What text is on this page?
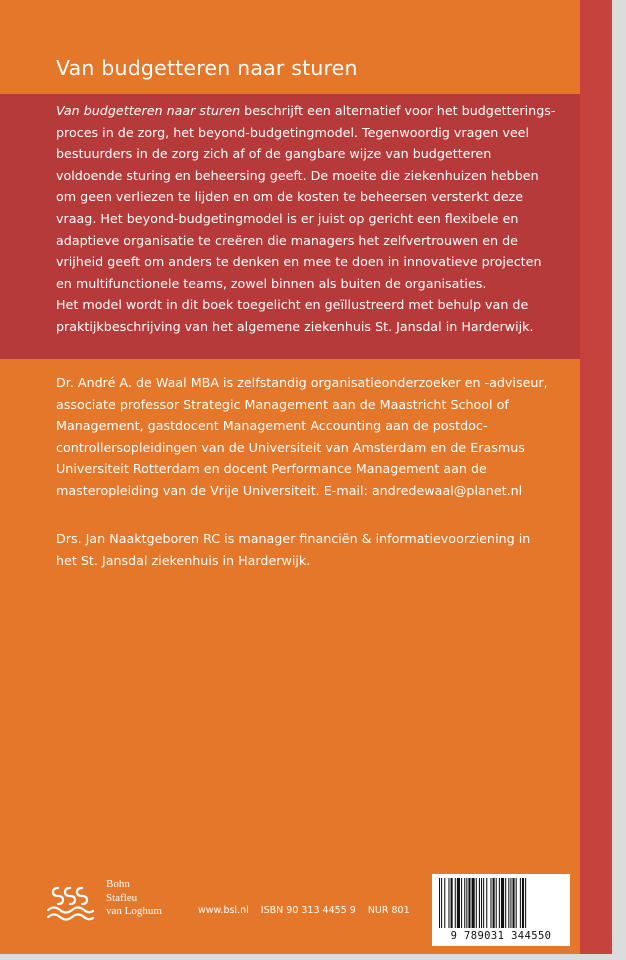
Van budgetteren naar sturen
Van budgetteren naar sturen beschrijft een alternatief voor het budgetterings-
proces in de zorg, het beyond-budgetingmodel. Tegenwoordig vragen veel
bestuurders in de zorg zich af of de gangbare wijze van budgetteren
voldoende sturing en beheersing geeft. De moeite die ziekenhuizen hebben
om geen verliezen te lijden en om de kosten te beheersen versterkt deze
vraag. Het beyond-budgetingmodel is er juist op gericht een flexibele en
adaptieve organisatie te creëren die managers het zelfvertrouwen en de
vrijheid geeft om anders te denken en mee te doen in innovatieve projecten
en multifunctionele teams, zowel binnen als buiten de organisaties.
Het model wordt in dit boek toegelicht en geïllustreerd met behulp van de
praktijkbeschrijving van het algemene ziekenhuis St. Jansdal in Harderwijk.
Dr. André A. de Waal MBA is zelfstandig organisatieonderzoeker en -adviseur,
associate professor Strategic Management aan de Maastricht School of
Management, gastdocent Management Accounting aan de postdoc-
controllersopleidingen van de Universiteit van Amsterdam en de Erasmus
Universiteit Rotterdam en docent Performance Management aan de
masteropleiding van de Vrije Universiteit. E-mail: andredewaal@planet.nl
Drs. Jan Naaktgeboren RC is manager financiën & informatievoorziening in
het St. Jansdal ziekenhuis in Harderwijk.
Bohn
Stafleu
van Loghum	www.bsl.nl ISBN 90 313 4455 9 NUR 801
9 789031 344550
